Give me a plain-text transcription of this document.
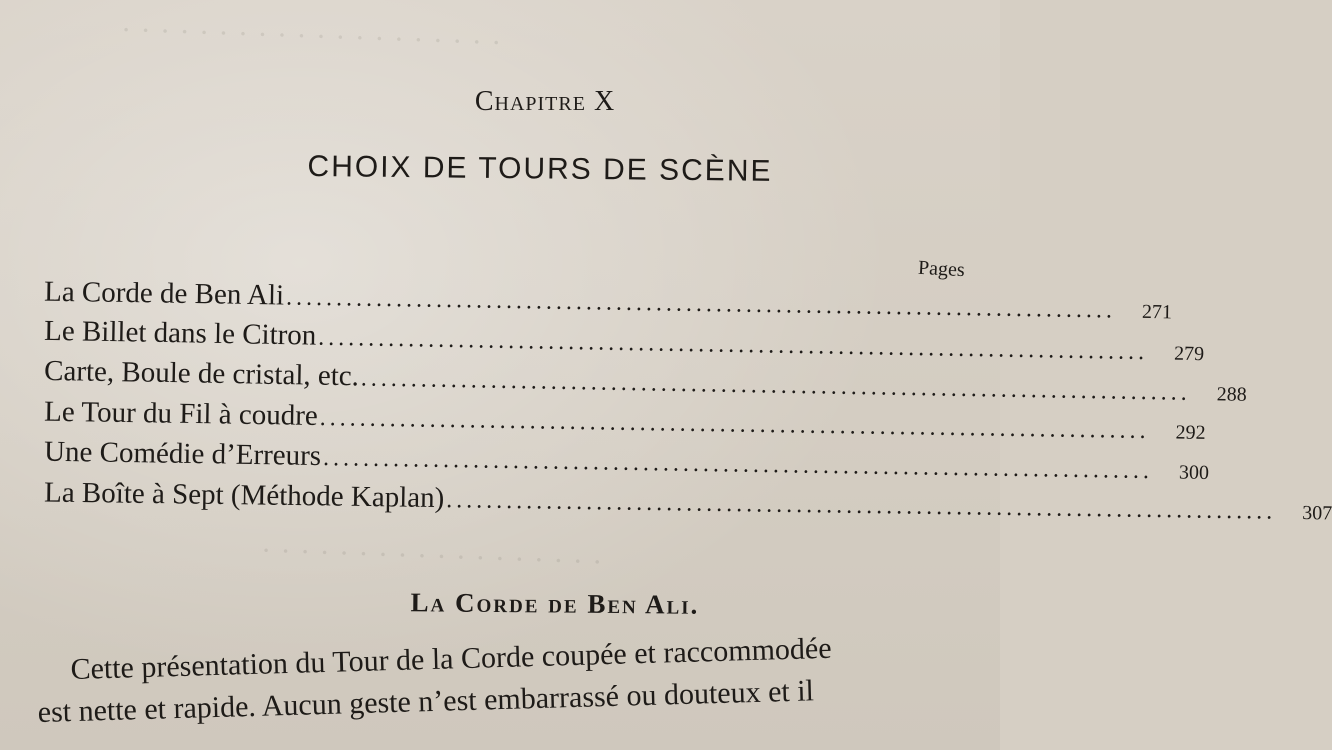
· · · · · · · · · · · · · · · · · · · ·
· · · · · · · · · · · · · · · · · ·
Chapitre X
CHOIX DE TOURS DE SCÈNE
Pages
La Corde de Ben Ali ...................................................................................	271
Le Billet dans le Citron ...................................................................................	279
Carte, Boule de cristal, etc. ...................................................................................	288
Le Tour du Fil à coudre ...................................................................................	292
Une Comédie d’Erreurs ...................................................................................	300
La Boîte à Sept (Méthode Kaplan) ...................................................................................	307
La Corde de Ben Ali.

Cette présentation du Tour de la Corde coupée et raccommodée

est nette et rapide. Aucun geste n’est embarrassé ou douteux et il
